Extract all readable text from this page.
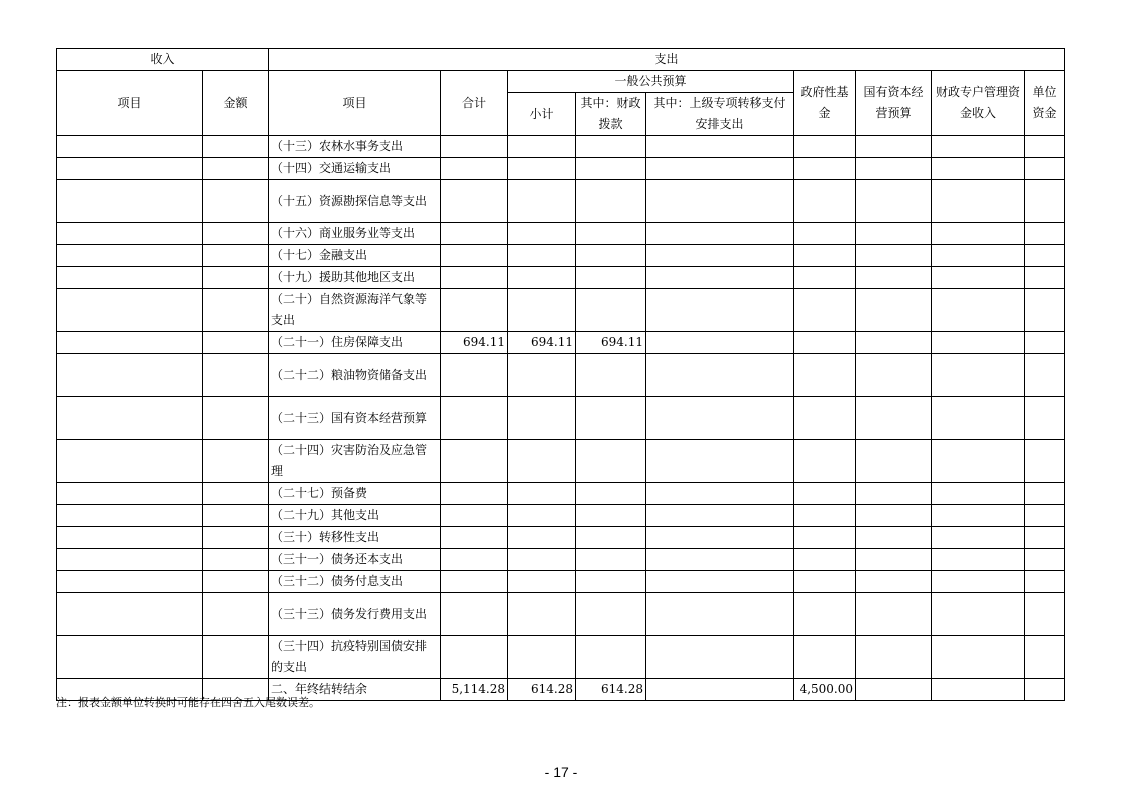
收入		支出								
项目	金额	项目	合计	一般公共预算			政府性基金	国有资本经营预算	财政专户管理资金收入	单位资金
				小计	其中：财政拨款	其中：上级专项转移支付安排支出				
		（十三）农林水事务支出								
		（十四）交通运输支出								
		（十五）资源勘探信息等支出								
		（十六）商业服务业等支出								
		（十七）金融支出								
		（十九）援助其他地区支出								
		（二十）自然资源海洋气象等支出								
		（二十一）住房保障支出	694.11	694.11	694.11					
		（二十二）粮油物资储备支出								
		（二十三）国有资本经营预算								
		（二十四）灾害防治及应急管理								
		（二十七）预备费								
		（二十九）其他支出								
		（三十）转移性支出								
		（三十一）债务还本支出								
		（三十二）债务付息支出								
		（三十三）债务发行费用支出								
		（三十四）抗疫特别国债安排的支出								
		二、年终结转结余	5,114.28	614.28	614.28		4,500.00			
注：报表金额单位转换时可能存在四舍五入尾数误差。
- 17 -
